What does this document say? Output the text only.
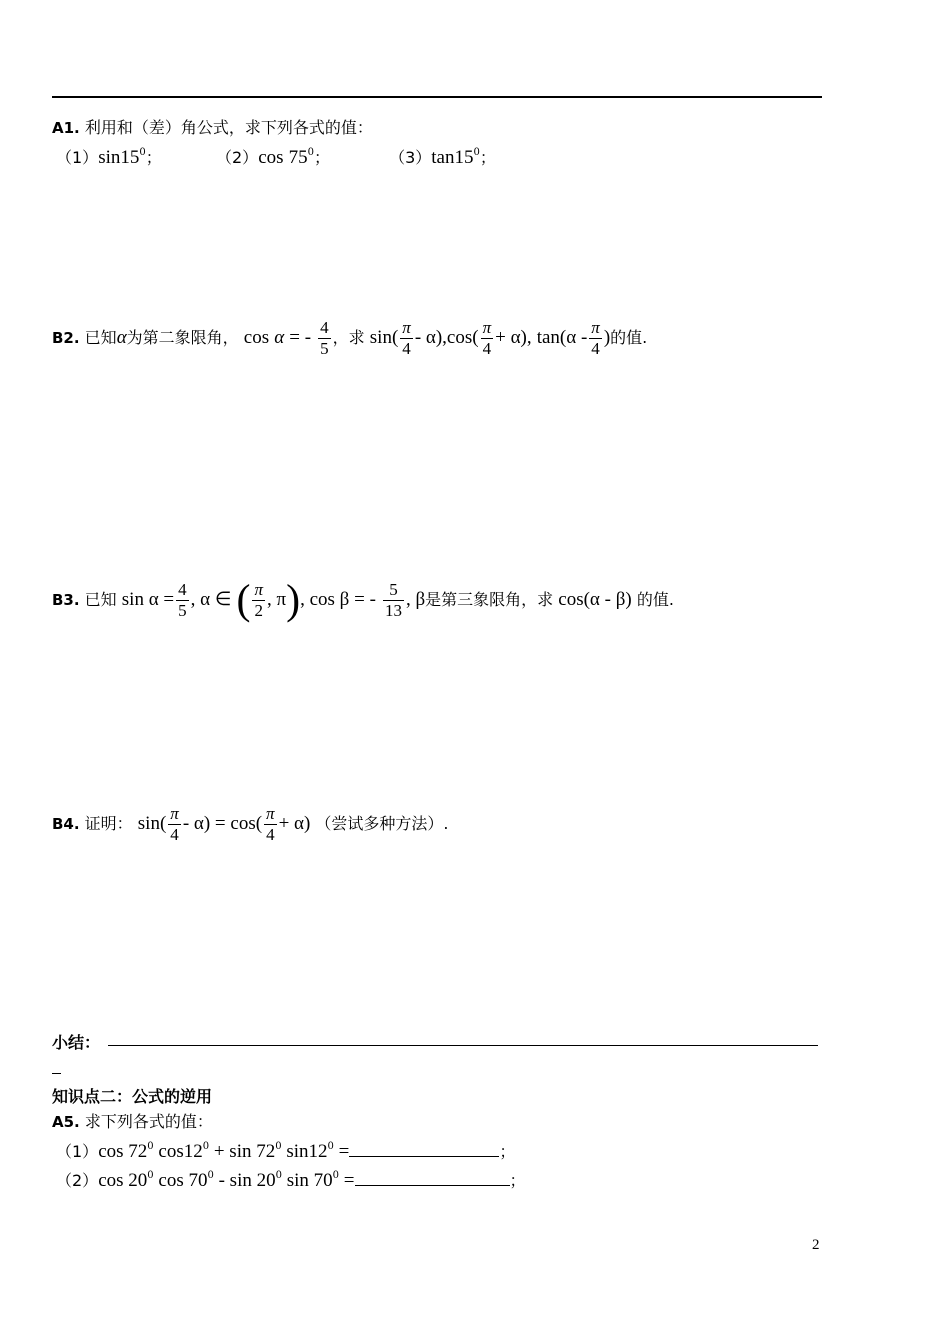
A1. 利用和（差）角公式，求下列各式的值：
$(1)\sin 15^0$；	（2）cos $75^0$；	$(3)\tan 15^0$；
B2. 已知α为第二象限角， cos α = - $\frac{4}{5}$ ，求 $\sin( \frac{\pi}{4} - \alpha),\cos( \frac{\pi}{4} + \alpha)$, $\tan(\alpha - \frac{\pi}{4}$ )的值.
B3. 已知 $\sin \alpha = \frac{4}{5}$ , α ∈ ( $\frac{\pi}{2}$ , π), cos β = - $\frac{5}{13}$ , β是第三象限角，求 cos(α - β) 的值.
B4. 证明： $\sin( \frac{\pi}{4} - \alpha) = \cos( \frac{\pi}{4} + \alpha)$ （尝试多种方法）.
小结：
知识点二：公式的逆用
A5. 求下列各式的值：
（1）cos $72^0$ $\cos 12^0 + \sin 72^0$ $\sin 12^0$ =	；
（2）cos $20^0$ $\cos 70^0$ - $\sin 20^0$ $\sin 70^0$ =	；
2
